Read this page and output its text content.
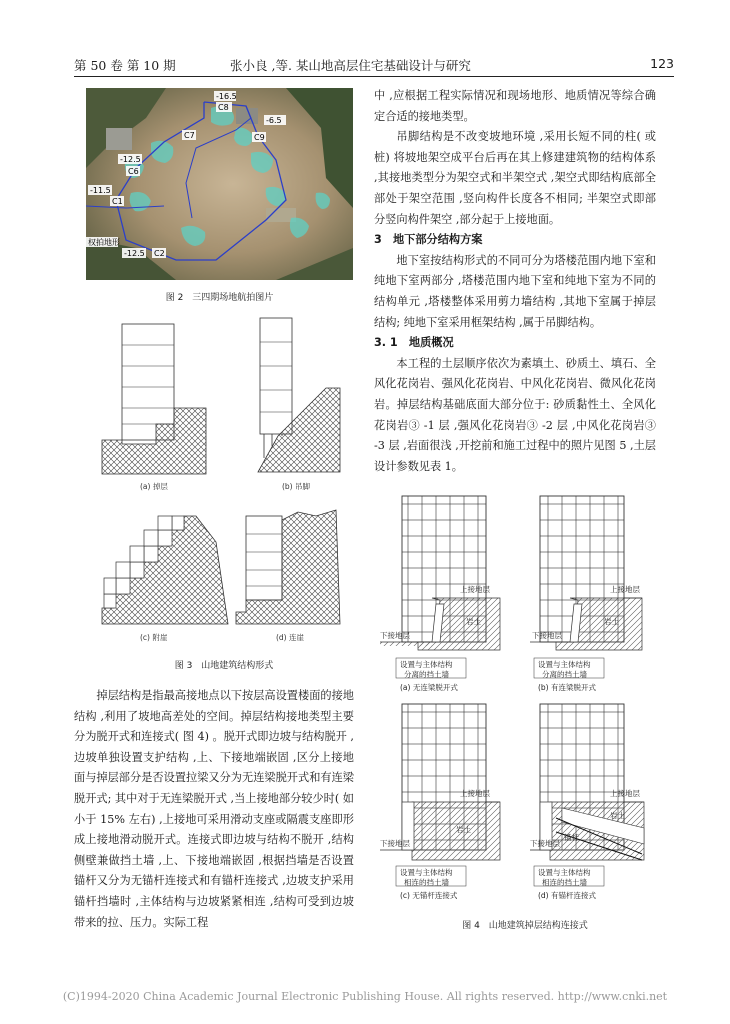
第 50 卷 第 10 期	张小良 ,等. 某山地高层住宅基础设计与研究	123
-16.5
C8
-6.5
C7	C9
-12.5
C6
-11.5
C1
权拍地形
-12.5 C2
图 2　三四期场地航拍图片
(a) 掉层	(b) 吊脚
(c) 附崖	(d) 连崖
图 3　山地建筑结构形式

掉层结构是指最高接地点以下按层高设置楼面的接地结构 ,利用了坡地高差处的空间。掉层结构接地类型主要分为脱开式和连接式( 图 4) 。脱开式即边坡与结构脱开 ,边坡单独设置支护结构 ,上、下接地端嵌固 ,区分上接地面与掉层部分是否设置拉梁又分为无连梁脱开式和有连梁脱开式; 其中对于无连梁脱开式 ,当上接地部分较少时( 如小于 15% 左右) ,上接地可采用滑动支座或隔震支座即形成上接地滑动脱开式。连接式即边坡与结构不脱开 ,结构侧壁兼做挡土墙 ,上、下接地端嵌固 ,根据挡墙是否设置锚杆又分为无锚杆连接式和有锚杆连接式 ,边坡支护采用锚杆挡墙时 ,主体结构与边坡紧紧相连 ,结构可受到边坡带来的拉、压力。实际工程

中 ,应根据工程实际情况和现场地形、地质情况等综合确定合适的接地类型。

吊脚结构是不改变坡地环境 ,采用长短不同的柱( 或桩) 将坡地架空成平台后再在其上修建建筑物的结构体系 ,其接地类型分为架空式和半架空式 ,架空式即结构底部全部处于架空范围 ,竖向构件长度各不相同; 半架空式即部分竖向构件架空 ,部分起于上接地面。

3　地下部分结构方案

地下室按结构形式的不同可分为塔楼范围内地下室和纯地下室两部分 ,塔楼范围内地下室和纯地下室为不同的结构单元 ,塔楼整体采用剪力墙结构 ,其地下室属于掉层结构; 纯地下室采用框架结构 ,属于吊脚结构。

3. 1　地质概况

本工程的土层顺序依次为素填土、砂质土、填石、全风化花岗岩、强风化花岗岩、中风化花岗岩、微风化花岗岩。掉层结构基础底面大部分位于: 砂质黏性土、全风化花岗岩③ -1 层 ,强风化花岗岩③ -2 层 ,中风化花岗岩③ -3 层 ,岩面很浅 ,开挖前和施工过程中的照片见图 5 ,土层设计参数见表 1。

上接地层
下接地层
岩土
设置与主体结构
分离的挡土墙
(a) 无连梁脱开式
上接地层
下接地层
岩土
设置与主体结构
分离的挡土墙
(b) 有连梁脱开式
上接地层
下接地层
岩土
设置与主体结构
相连的挡土墙
(c) 无锚杆连接式
上接地层
下接地层
岩土
锚杆
设置与主体结构
相连的挡土墙
(d) 有锚杆连接式
图 4　山地建筑掉层结构连接式
(C)1994-2020 China Academic Journal Electronic Publishing House. All rights reserved. http://www.cnki.net
